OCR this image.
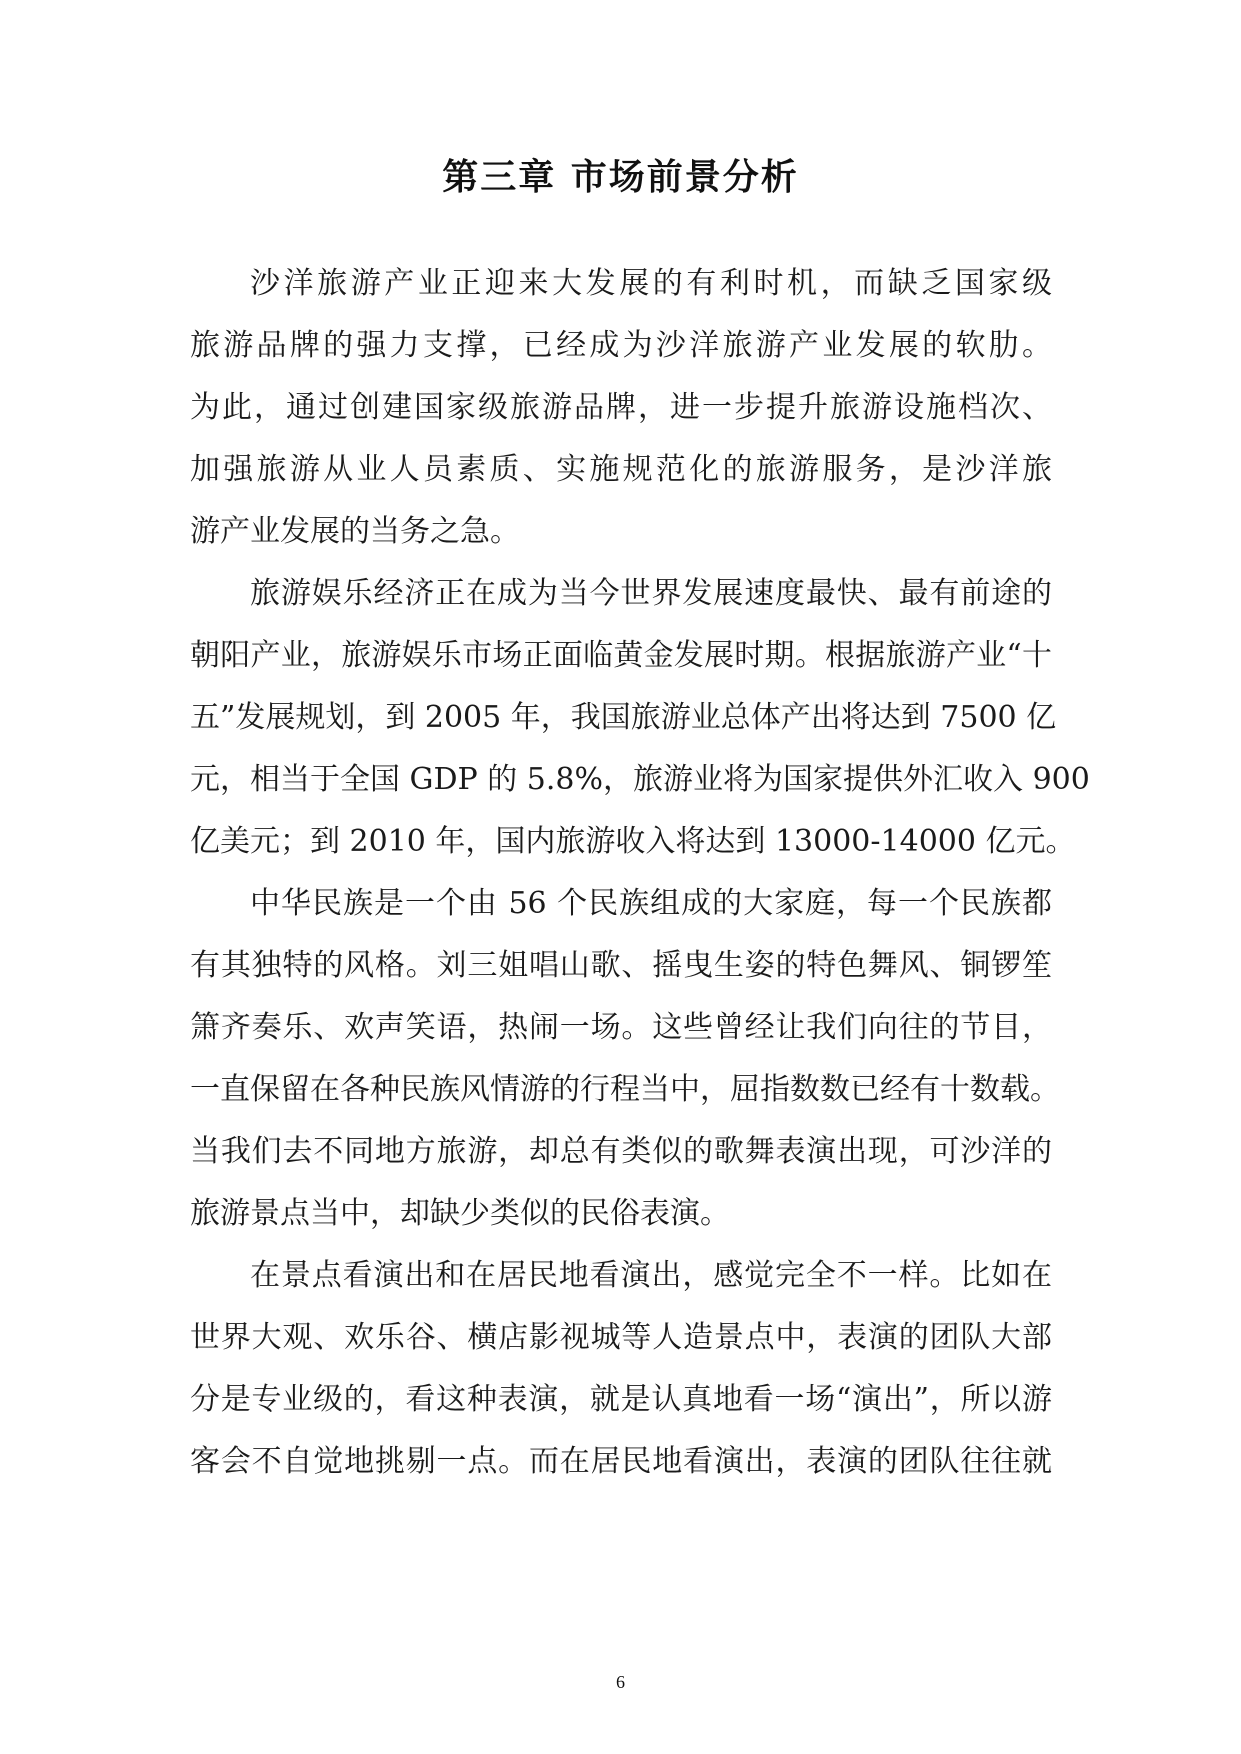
第三章 市场前景分析
沙洋旅游产业正迎来大发展的有利时机，而缺乏国家级
旅游品牌的强力支撑，已经成为沙洋旅游产业发展的软肋。
为此，通过创建国家级旅游品牌，进一步提升旅游设施档次、
加强旅游从业人员素质、实施规范化的旅游服务，是沙洋旅
游产业发展的当务之急。
旅游娱乐经济正在成为当今世界发展速度最快、最有前途的
朝阳产业，旅游娱乐市场正面临黄金发展时期。根据旅游产业“十
五”发展规划，到 2005 年，我国旅游业总体产出将达到 7500 亿
元，相当于全国 GDP 的 5.8%，旅游业将为国家提供外汇收入 900
亿美元；到 2010 年，国内旅游收入将达到 13000-14000 亿元。
中华民族是一个由 56 个民族组成的大家庭，每一个民族都
有其独特的风格。刘三姐唱山歌、摇曳生姿的特色舞风、铜锣笙
箫齐奏乐、欢声笑语，热闹一场。这些曾经让我们向往的节目，
一直保留在各种民族风情游的行程当中，屈指数数已经有十数载。
当我们去不同地方旅游，却总有类似的歌舞表演出现，可沙洋的
旅游景点当中，却缺少类似的民俗表演。
在景点看演出和在居民地看演出，感觉完全不一样。比如在
世界大观、欢乐谷、横店影视城等人造景点中，表演的团队大部
分是专业级的，看这种表演，就是认真地看一场“演出”，所以游
客会不自觉地挑剔一点。而在居民地看演出，表演的团队往往就
6
